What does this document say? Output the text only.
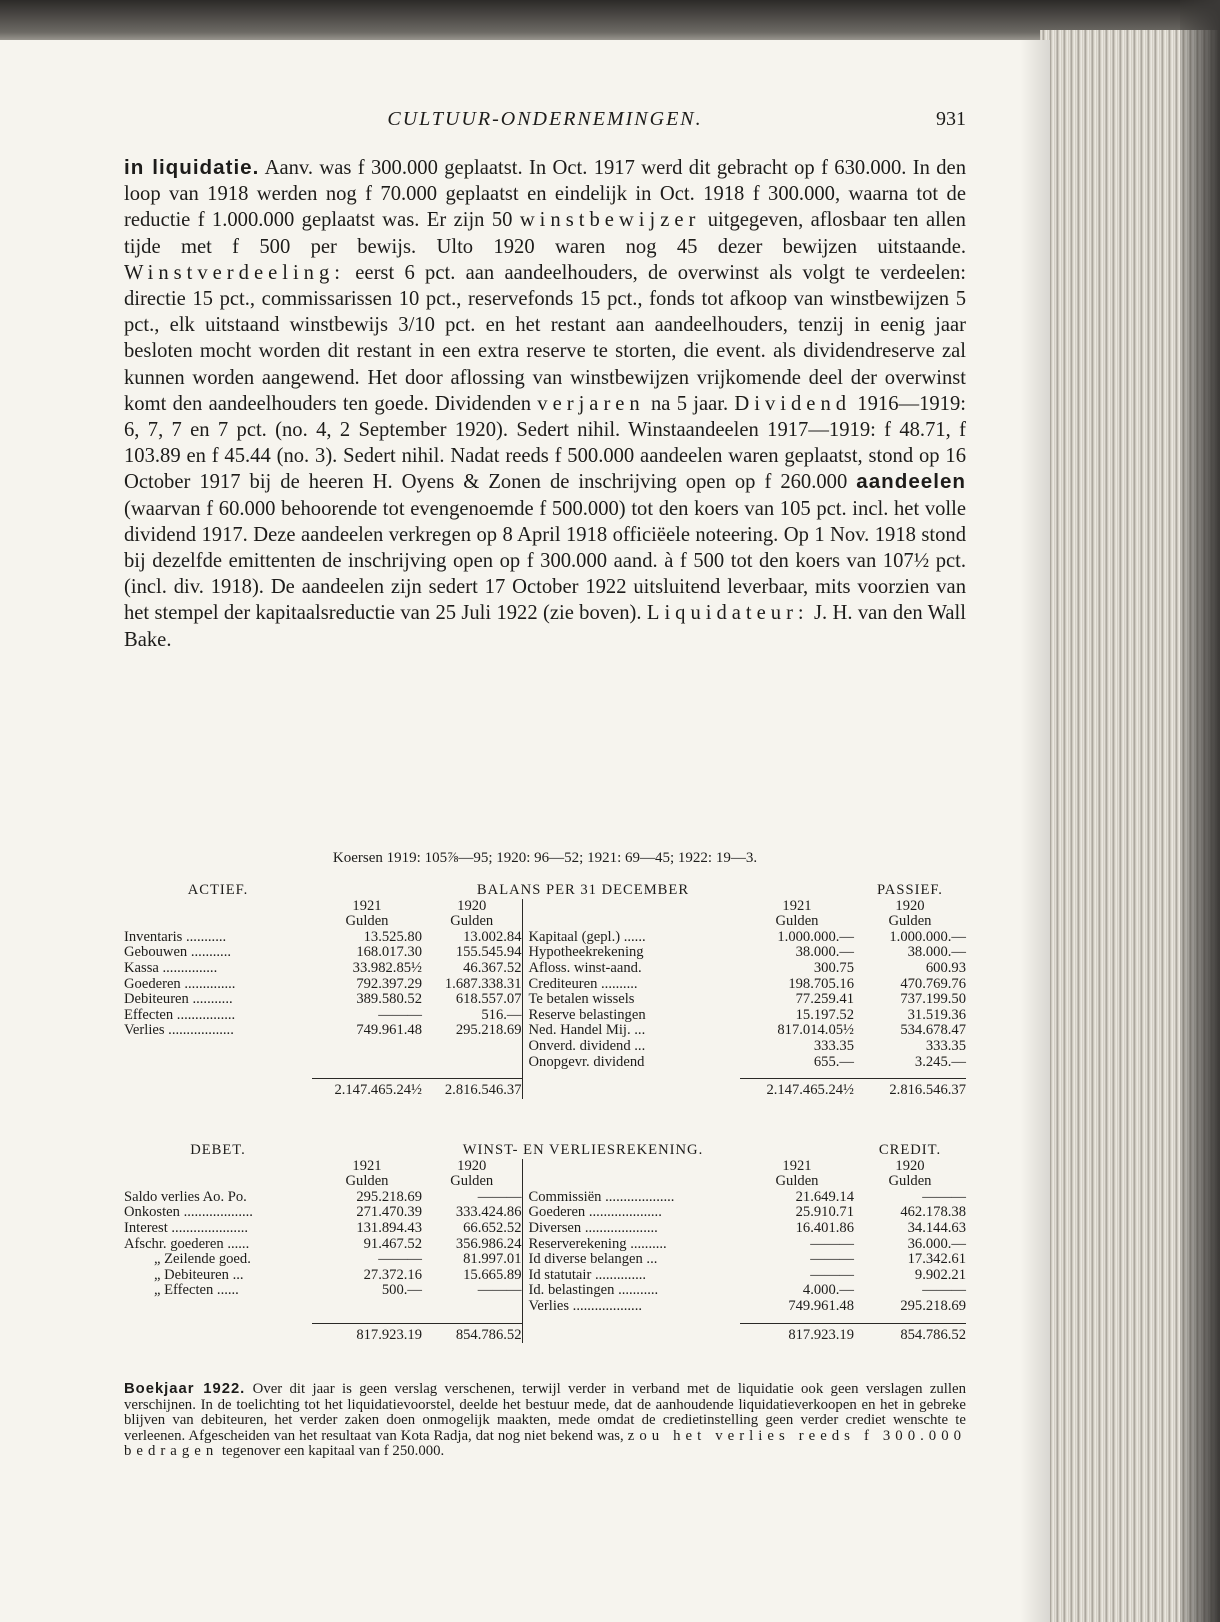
CULTUUR-ONDERNEMINGEN.	931

in liquidatie. Aanv. was f 300.000 geplaatst. In Oct. 1917 werd dit gebracht op f 630.000. In den loop van 1918 werden nog f 70.000 geplaatst en eindelijk in Oct. 1918 f 300.000, waarna tot de reductie f 1.000.000 geplaatst was. Er zijn 50 winstbewijzer uitgegeven, aflosbaar ten allen tijde met f 500 per bewijs. Ulto 1920 waren nog 45 dezer bewijzen uitstaande. Winstverdeeling: eerst 6 pct. aan aandeelhouders, de overwinst als volgt te verdeelen: directie 15 pct., commissarissen 10 pct., reservefonds 15 pct., fonds tot afkoop van winstbewijzen 5 pct., elk uitstaand winstbewijs 3/10 pct. en het restant aan aandeelhouders, tenzij in eenig jaar besloten mocht worden dit restant in een extra reserve te storten, die event. als dividendreserve zal kunnen worden aangewend. Het door aflossing van winstbewijzen vrijkomende deel der overwinst komt den aandeelhouders ten goede. Dividenden verjaren na 5 jaar. Dividend 1916—1919: 6, 7, 7 en 7 pct. (no. 4, 2 September 1920). Sedert nihil. Winstaandeelen 1917—1919: f 48.71, f 103.89 en f 45.44 (no. 3). Sedert nihil. Nadat reeds f 500.000 aandeelen waren geplaatst, stond op 16 October 1917 bij de heeren H. Oyens & Zonen de inschrijving open op f 260.000 aandeelen (waarvan f 60.000 behoorende tot evengenoemde f 500.000) tot den koers van 105 pct. incl. het volle dividend 1917. Deze aandeelen verkregen op 8 April 1918 officiëele noteering. Op 1 Nov. 1918 stond bij dezelfde emittenten de inschrijving open op f 300.000 aand. à f 500 tot den koers van 107½ pct. (incl. div. 1918). De aandeelen zijn sedert 17 October 1922 uitsluitend leverbaar, mits voorzien van het stempel der kapitaalsreductie van 25 Juli 1922 (zie boven). Liquidateur: J. H. van den Wall Bake.

Koersen 1919: 105⅞—95; 1920: 96—52; 1921: 69—45; 1922: 19—3.
ACTIEF.	BALANS PER 31 DECEMBER				PASSIEF.
	1921	1920		1921	1920
	Gulden	Gulden		Gulden	Gulden
Inventaris ...........	13.525.80	13.002.84	Kapitaal (gepl.) ......	1.000.000.—	1.000.000.—
Gebouwen ...........	168.017.30	155.545.94	Hypotheekrekening	38.000.—	38.000.—
Kassa ...............	33.982.85½	46.367.52	Afloss. winst-aand.	300.75	600.93
Goederen ..............	792.397.29	1.687.338.31	Crediteuren ..........	198.705.16	470.769.76
Debiteuren ...........	389.580.52	618.557.07	Te betalen wissels	77.259.41	737.199.50
Effecten ................	———	516.—	Reserve belastingen	15.197.52	31.519.36
Verlies ..................	749.961.48	295.218.69	Ned. Handel Mij. ...	817.014.05½	534.678.47
			Onverd. dividend ...	333.35	333.35
			Onopgevr. dividend	655.—	3.245.—

	2.147.465.24½	2.816.546.37		2.147.465.24½	2.816.546.37
DEBET.	WINST- EN VERLIESREKENING.				CREDIT.
	1921	1920		1921	1920
	Gulden	Gulden		Gulden	Gulden
Saldo verlies Ao. Po.	295.218.69	———	Commissiën ...................	21.649.14	———
Onkosten ...................	271.470.39	333.424.86	Goederen ....................	25.910.71	462.178.38
Interest .....................	131.894.43	66.652.52	Diversen ....................	16.401.86	34.144.63
Afschr. goederen ......	91.467.52	356.986.24	Reserverekening ..........	———	36.000.—
„ Zeilende goed.	———	81.997.01	Id diverse belangen ...	———	17.342.61
„ Debiteuren ...	27.372.16	15.665.89	Id statutair ..............	———	9.902.21
„ Effecten ......	500.—	———	Id. belastingen ...........	4.000.—	———
			Verlies ...................	749.961.48	295.218.69

	817.923.19	854.786.52		817.923.19	854.786.52
Boekjaar 1922. Over dit jaar is geen verslag verschenen, terwijl verder in verband met de liquidatie ook geen verslagen zullen verschijnen. In de toelichting tot het liquidatievoorstel, deelde het bestuur mede, dat de aanhoudende liquidatieverkoopen en het in gebreke blijven van debiteuren, het verder zaken doen onmogelijk maakten, mede omdat de credietinstelling geen verder crediet wenschte te verleenen. Afgescheiden van het resultaat van Kota Radja, dat nog niet bekend was, zou het verlies reeds f 300.000 bedragen tegenover een kapitaal van f 250.000.
